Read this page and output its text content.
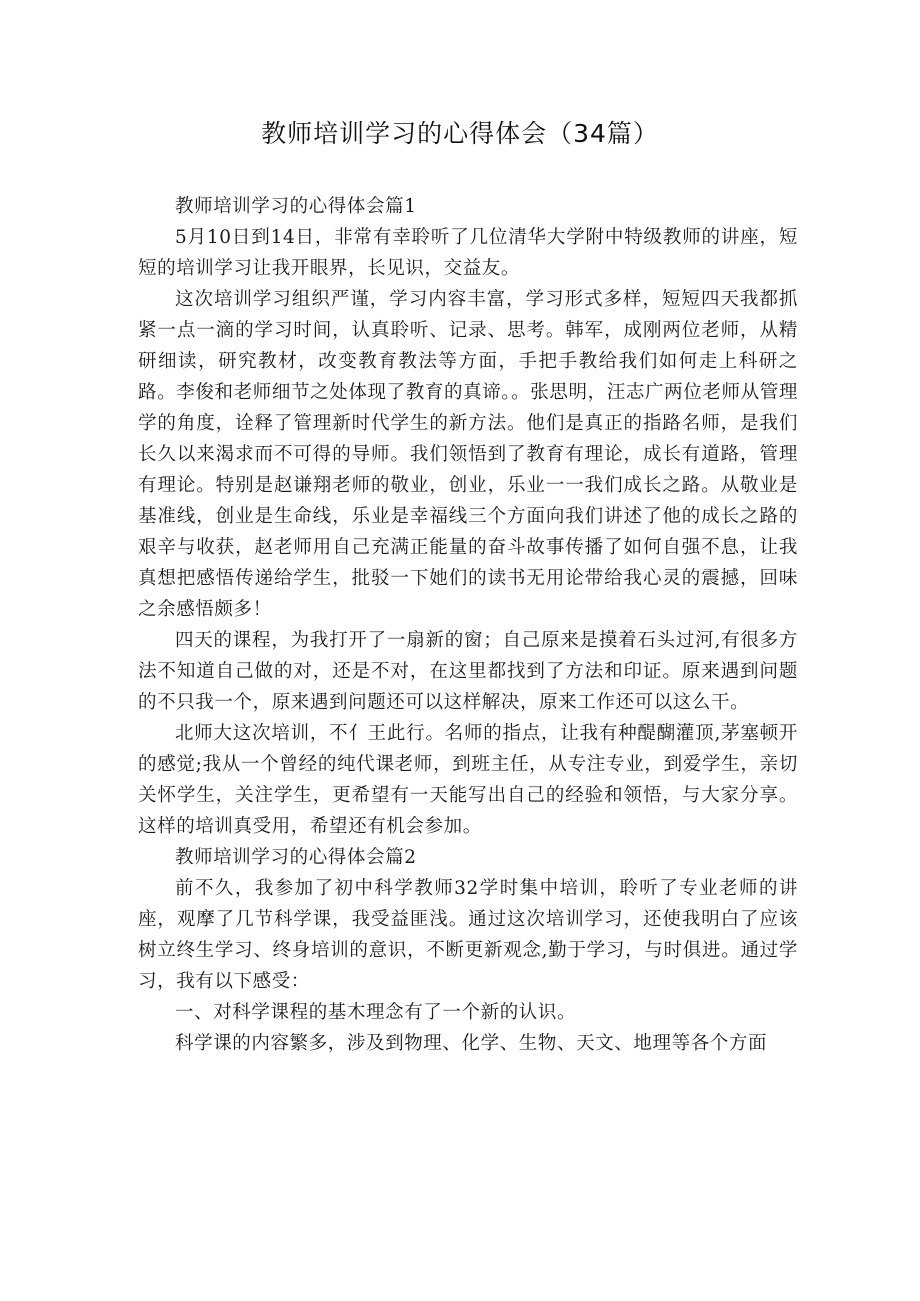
教师培训学习的心得体会（34篇）

教师培训学习的心得体会篇1

5月10日到14日，非常有幸聆听了几位清华大学附中特级教师的讲座，短短的培训学习让我开眼界，长见识，交益友。

这次培训学习组织严谨，学习内容丰富，学习形式多样，短短四天我都抓紧一点一滴的学习时间，认真聆听、记录、思考。韩军，成刚两位老师，从精研细读，研究教材，改变教育教法等方面，手把手教给我们如何走上科研之路。李俊和老师细节之处体现了教育的真谛。。张思明，汪志广两位老师从管理学的角度，诠释了管理新时代学生的新方法。他们是真正的指路名师，是我们长久以来渴求而不可得的导师。我们领悟到了教育有理论，成长有道路，管理有理论。特别是赵谦翔老师的敬业，创业，乐业一一我们成长之路。从敬业是基准线，创业是生命线，乐业是幸福线三个方面向我们讲述了他的成长之路的艰辛与收获，赵老师用自己充满正能量的奋斗故事传播了如何自强不息，让我真想把感悟传递给学生，批驳一下她们的读书无用论带给我心灵的震撼，回味之余感悟颇多！

四天的课程，为我打开了一扇新的窗；自己原来是摸着石头过河,有很多方法不知道自己做的对，还是不对，在这里都找到了方法和印证。原来遇到问题的不只我一个，原来遇到问题还可以这样解决，原来工作还可以这么干。

北师大这次培训，不亻王此行。名师的指点，让我有种醍醐灌顶,茅塞顿开的感觉;我从一个曾经的纯代课老师，到班主任，从专注专业，到爱学生，亲切关怀学生，关注学生，更希望有一天能写出自己的经验和领悟，与大家分享。这样的培训真受用，希望还有机会参加。

教师培训学习的心得体会篇2

前不久，我参加了初中科学教师32学时集中培训，聆听了专业老师的讲座，观摩了几节科学课，我受益匪浅。通过这次培训学习，还使我明白了应该树立终生学习、终身培训的意识，不断更新观念,勤于学习，与时俱进。通过学习，我有以下感受：

一、对科学课程的基木理念有了一个新的认识。

科学课的内容繁多，涉及到物理、化学、生物、天文、地理等各个方面
